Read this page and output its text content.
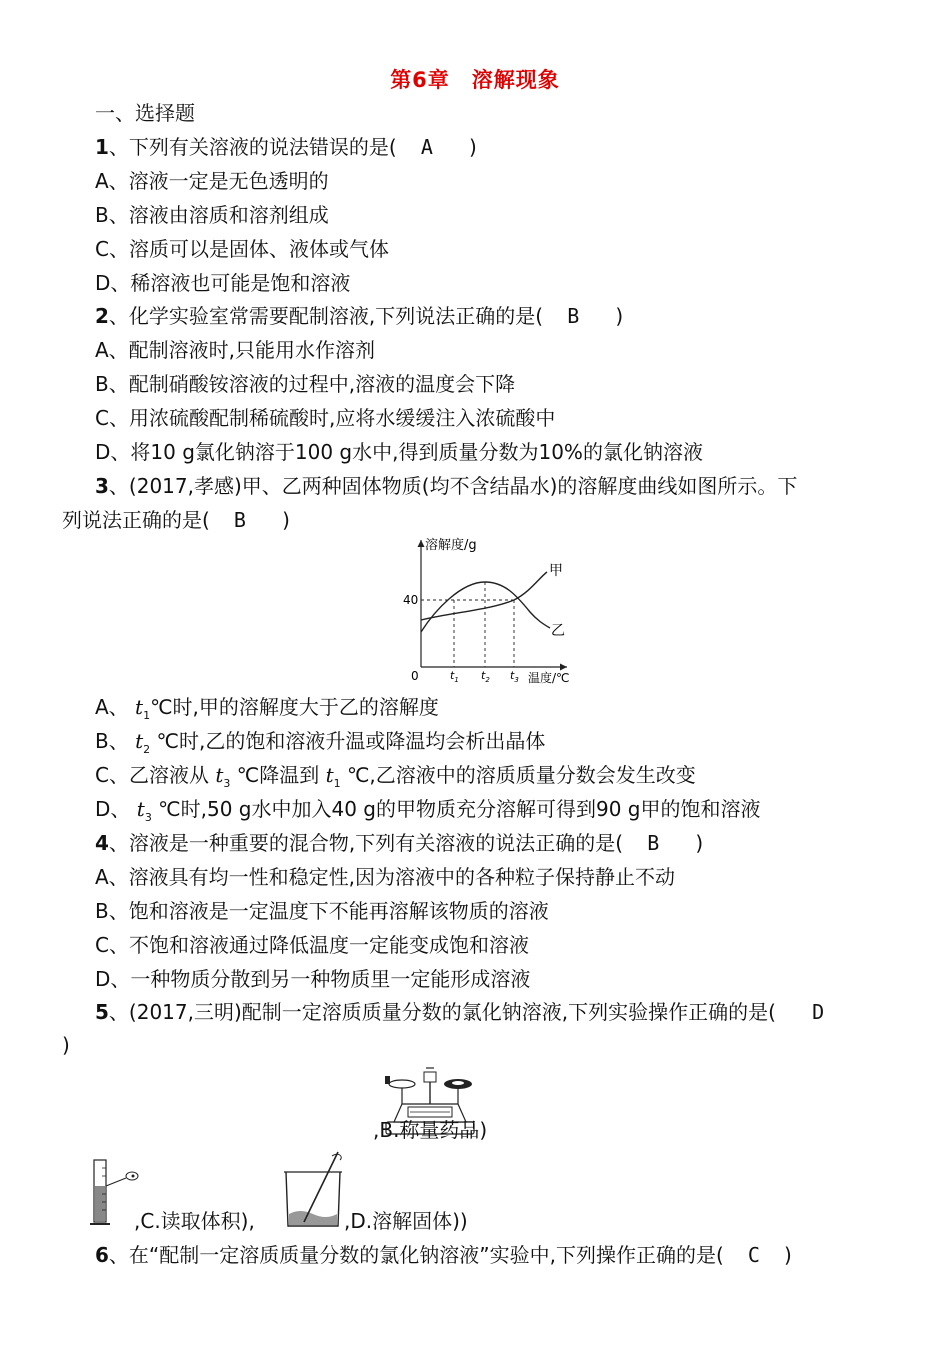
第6章　溶解现象
一、选择题
1、下列有关溶液的说法错误的是( A )
A、溶液一定是无色透明的
B、溶液由溶质和溶剂组成
C、溶质可以是固体、液体或气体
D、稀溶液也可能是饱和溶液
2、化学实验室常需要配制溶液,下列说法正确的是( B )
A、配制溶液时,只能用水作溶剂
B、配制硝酸铵溶液的过程中,溶液的温度会下降
C、用浓硫酸配制稀硫酸时,应将水缓缓注入浓硫酸中
D、将10 g氯化钠溶于100 g水中,得到质量分数为10%的氯化钠溶液
3、(2017,孝感)甲、乙两种固体物质(均不含结晶水)的溶解度曲线如图所示。下
列说法正确的是( B )
溶解度/g
温度/℃
0
40
甲
乙
$t_1$ $t_2$ $t_3$
A、 $t_1℃$时,甲的溶解度大于乙的溶解度
B、 $t_2$ ℃时,乙的饱和溶液升温或降温均会析出晶体
C、乙溶液从 $t_3$ ℃降温到 $t_1$ ℃,乙溶液中的溶质质量分数会发生改变
D、 $t_3$ ℃时,50 g水中加入40 g的甲物质充分溶解可得到90 g甲的饱和溶液
4、溶液是一种重要的混合物,下列有关溶液的说法正确的是( B )
A、溶液具有均一性和稳定性,因为溶液中的各种粒子保持静止不动
B、饱和溶液是一定温度下不能再溶解该物质的溶液
C、不饱和溶液通过降低温度一定能变成饱和溶液
D、一种物质分散到另一种物质里一定能形成溶液
5、(2017,三明)配制一定溶质质量分数的氯化钠溶液,下列实验操作正确的是( D
)
,B.称量药品)
,C.读取体积),	,D.溶解固体))
6、在“配制一定溶质质量分数的氯化钠溶液”实验中,下列操作正确的是( C )
